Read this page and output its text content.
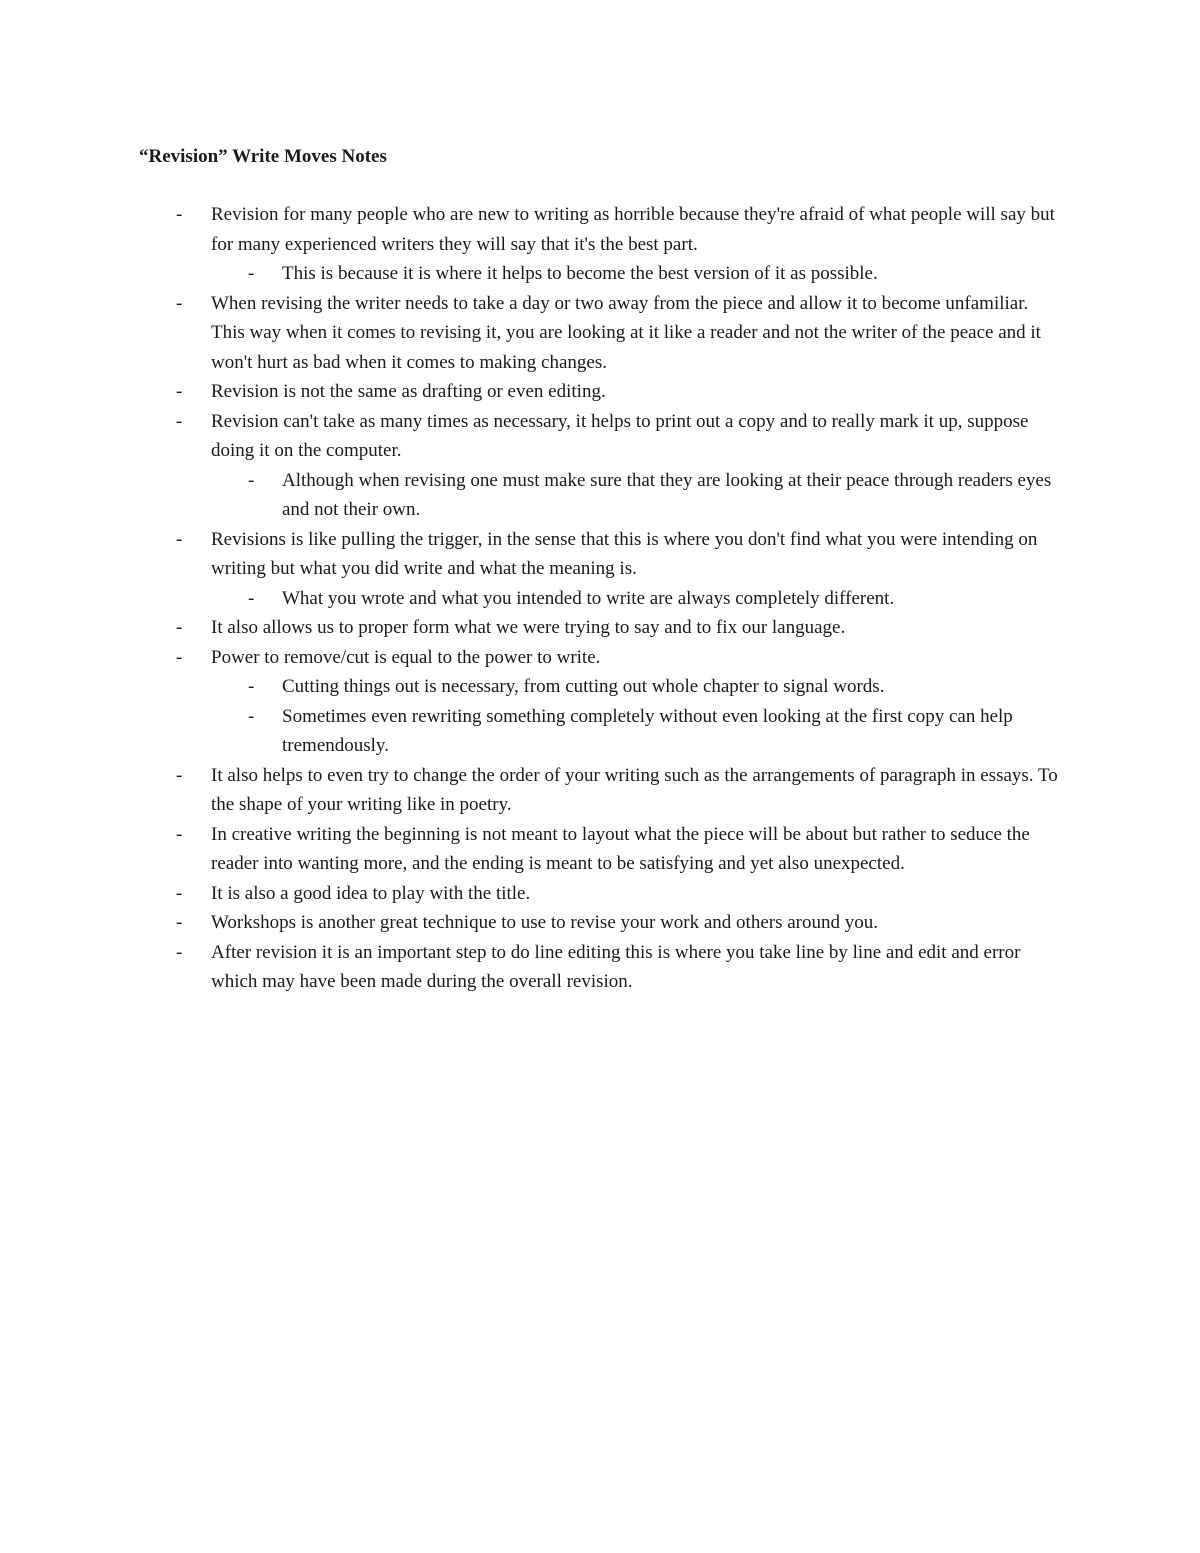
“Revision” Write Moves Notes
- Revision for many people who are new to writing as horrible because they're afraid of what people will say but for many experienced writers they will say that it's the best part.
- This is because it is where it helps to become the best version of it as possible.
- When revising the writer needs to take a day or two away from the piece and allow it to become unfamiliar. This way when it comes to revising it, you are looking at it like a reader and not the writer of the peace and it won't hurt as bad when it comes to making changes.
- Revision is not the same as drafting or even editing.
- Revision can't take as many times as necessary, it helps to print out a copy and to really mark it up, suppose doing it on the computer.
- Although when revising one must make sure that they are looking at their peace through readers eyes and not their own.
- Revisions is like pulling the trigger, in the sense that this is where you don't find what you were intending on writing but what you did write and what the meaning is.
- What you wrote and what you intended to write are always completely different.
- It also allows us to proper form what we were trying to say and to fix our language.
- Power to remove/cut is equal to the power to write.
- Cutting things out is necessary, from cutting out whole chapter to signal words.
- Sometimes even rewriting something completely without even looking at the first copy can help tremendously.
- It also helps to even try to change the order of your writing such as the arrangements of paragraph in essays. To the shape of your writing like in poetry.
- In creative writing the beginning is not meant to layout what the piece will be about but rather to seduce the reader into wanting more, and the ending is meant to be satisfying and yet also unexpected.
- It is also a good idea to play with the title.
- Workshops is another great technique to use to revise your work and others around you.
- After revision it is an important step to do line editing this is where you take line by line and edit and error which may have been made during the overall revision.
